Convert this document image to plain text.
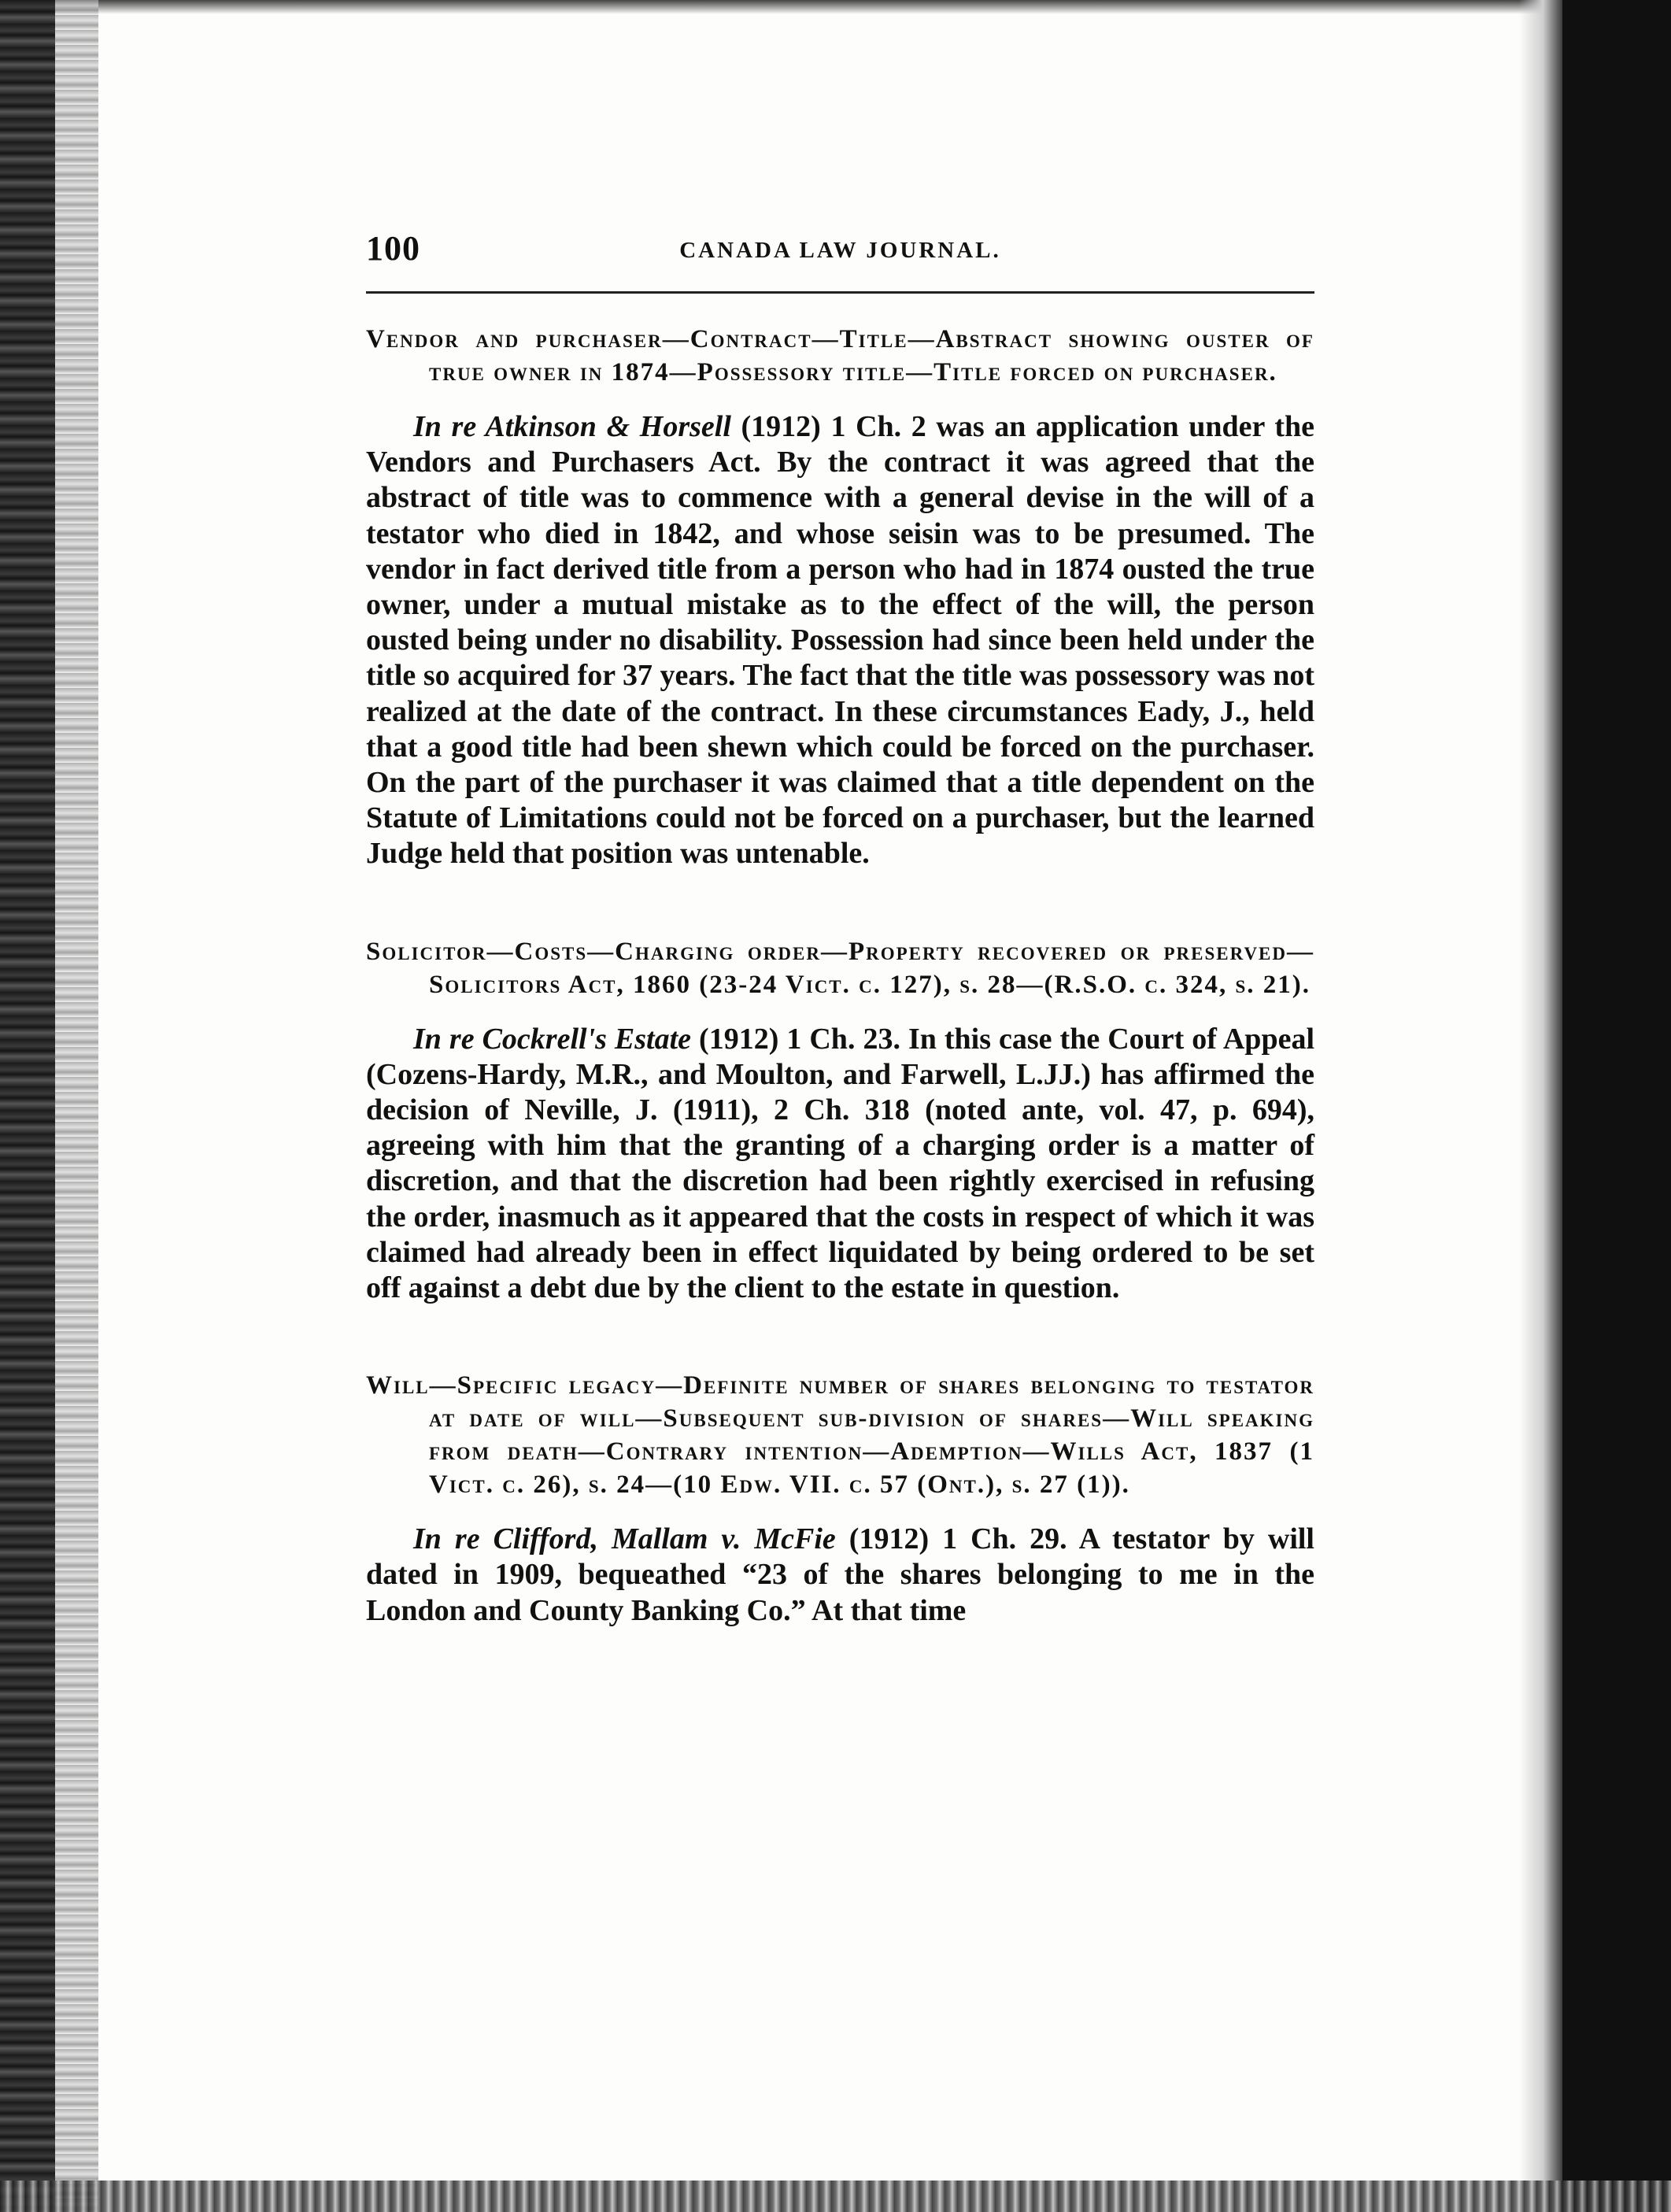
100	CANADA LAW JOURNAL.

Vendor and purchaser—Contract—Title—Abstract showing ouster of true owner in 1874—Possessory title—Title forced on purchaser.

In re Atkinson & Horsell (1912) 1 Ch. 2 was an application under the Vendors and Purchasers Act. By the contract it was agreed that the abstract of title was to commence with a general devise in the will of a testator who died in 1842, and whose seisin was to be presumed. The vendor in fact derived title from a person who had in 1874 ousted the true owner, under a mutual mistake as to the effect of the will, the person ousted being under no disability. Possession had since been held under the title so acquired for 37 years. The fact that the title was possessory was not realized at the date of the contract. In these circumstances Eady, J., held that a good title had been shewn which could be forced on the purchaser. On the part of the purchaser it was claimed that a title dependent on the Statute of Limitations could not be forced on a purchaser, but the learned Judge held that position was untenable.

Solicitor—Costs—Charging order—Property recovered or preserved—Solicitors Act, 1860 (23-24 Vict. c. 127), s. 28—(R.S.O. c. 324, s. 21).

In re Cockrell's Estate (1912) 1 Ch. 23. In this case the Court of Appeal (Cozens-Hardy, M.R., and Moulton, and Farwell, L.JJ.) has affirmed the decision of Neville, J. (1911), 2 Ch. 318 (noted ante, vol. 47, p. 694), agreeing with him that the granting of a charging order is a matter of discretion, and that the discretion had been rightly exercised in refusing the order, inasmuch as it appeared that the costs in respect of which it was claimed had already been in effect liquidated by being ordered to be set off against a debt due by the client to the estate in question.

Will—Specific legacy—Definite number of shares belonging to testator at date of will—Subsequent sub-division of shares—Will speaking from death—Contrary intention—Ademption—Wills Act, 1837 (1 Vict. c. 26), s. 24—(10 Edw. VII. c. 57 (Ont.), s. 27 (1)).

In re Clifford, Mallam v. McFie (1912) 1 Ch. 29. A testator by will dated in 1909, bequeathed “23 of the shares belonging to me in the London and County Banking Co.” At that time
